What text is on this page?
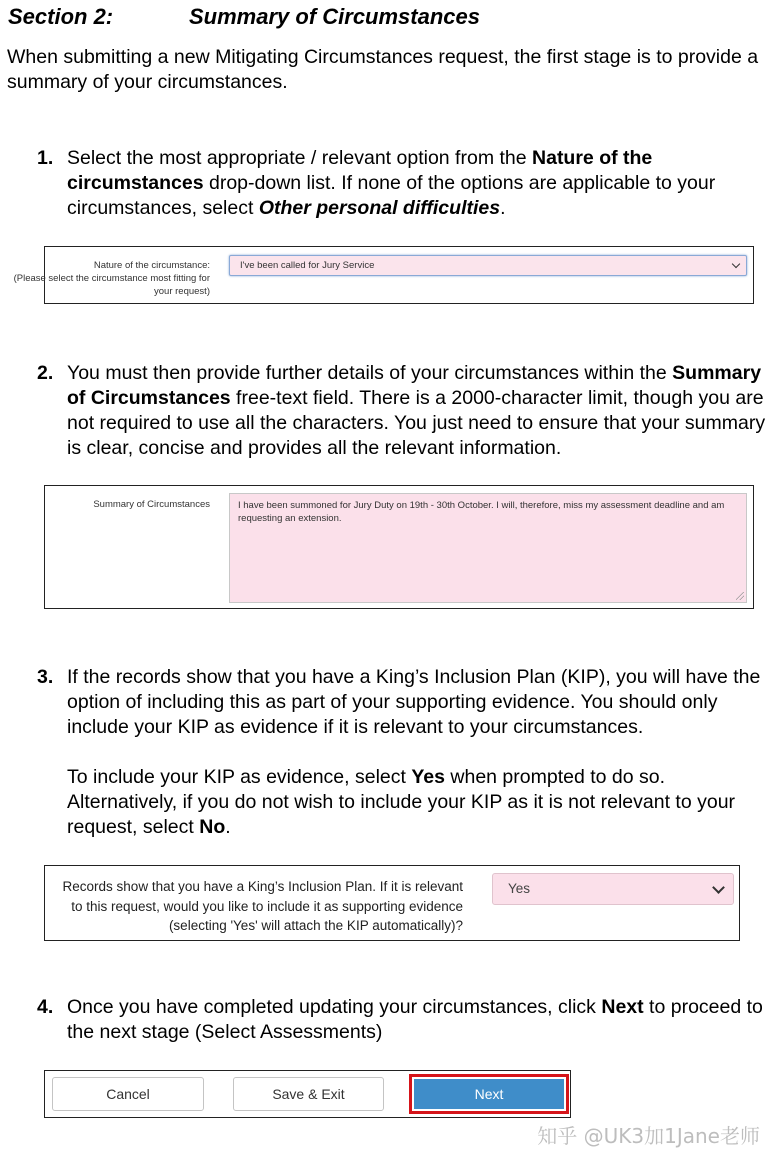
Section 2:	Summary of Circumstances
When submitting a new Mitigating Circumstances request, the first stage is to provide a summary of your circumstances.
1. Select the most appropriate / relevant option from the Nature of the circumstances drop-down list. If none of the options are applicable to your circumstances, select Other personal difficulties.
Nature of the circumstance:
(Please select the circumstance most fitting for your request)
I've been called for Jury Service
2. You must then provide further details of your circumstances within the Summary of Circumstances free-text field. There is a 2000-character limit, though you are not required to use all the characters. You just need to ensure that your summary is clear, concise and provides all the relevant information.
Summary of Circumstances	I have been summoned for Jury Duty on 19th - 30th October. I will, therefore, miss my assessment deadline and am requesting an extension.
3. If the records show that you have a King’s Inclusion Plan (KIP), you will have the option of including this as part of your supporting evidence. You should only include your KIP as evidence if it is relevant to your circumstances.

To include your KIP as evidence, select Yes when prompted to do so. Alternatively, if you do not wish to include your KIP as it is not relevant to your request, select No.

Records show that you have a King’s Inclusion Plan. If it is relevant to this request, would you like to include it as supporting evidence (selecting 'Yes' will attach the KIP automatically)?
Yes
4. Once you have completed updating your circumstances, click Next to proceed to the next stage (Select Assessments)
Cancel	Save & Exit	Next
知乎 @UK3加1Jane老师
